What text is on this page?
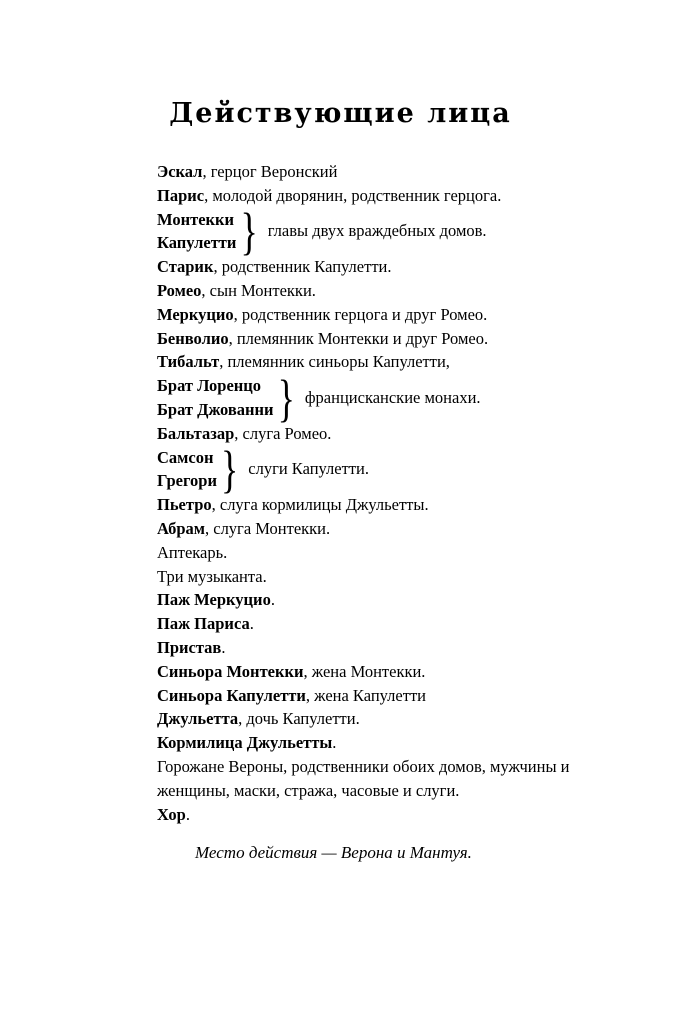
Действующие лица
Эскал, герцог Веронский
Парис, молодой дворянин, родственник герцога.
Монтекки
Капулетти } главы двух враждебных домов.
Старик, родственник Капулетти.
Ромео, сын Монтекки.
Меркуцио, родственник герцога и друг Ромео.
Бенволио, племянник Монтекки и друг Ромео.
Тибальт, племянник синьоры Капулетти,
Брат Лоренцо
Брат Джованни } францисканские монахи.
Бальтазар, слуга Ромео.
Самсон
Грегори } слуги Капулетти.
Пьетро, слуга кормилицы Джульетты.
Абрам, слуга Монтекки.
Аптекарь.
Три музыканта.
Паж Меркуцио.
Паж Париса.
Пристав.
Синьора Монтекки, жена Монтекки.
Синьора Капулетти, жена Капулетти
Джульетта, дочь Капулетти.
Кормилица Джульетты.
Горожане Вероны, родственники обоих домов, мужчины и женщины, маски, стража, часовые и слуги.
Хор.
Место действия — Верона и Мантуя.
